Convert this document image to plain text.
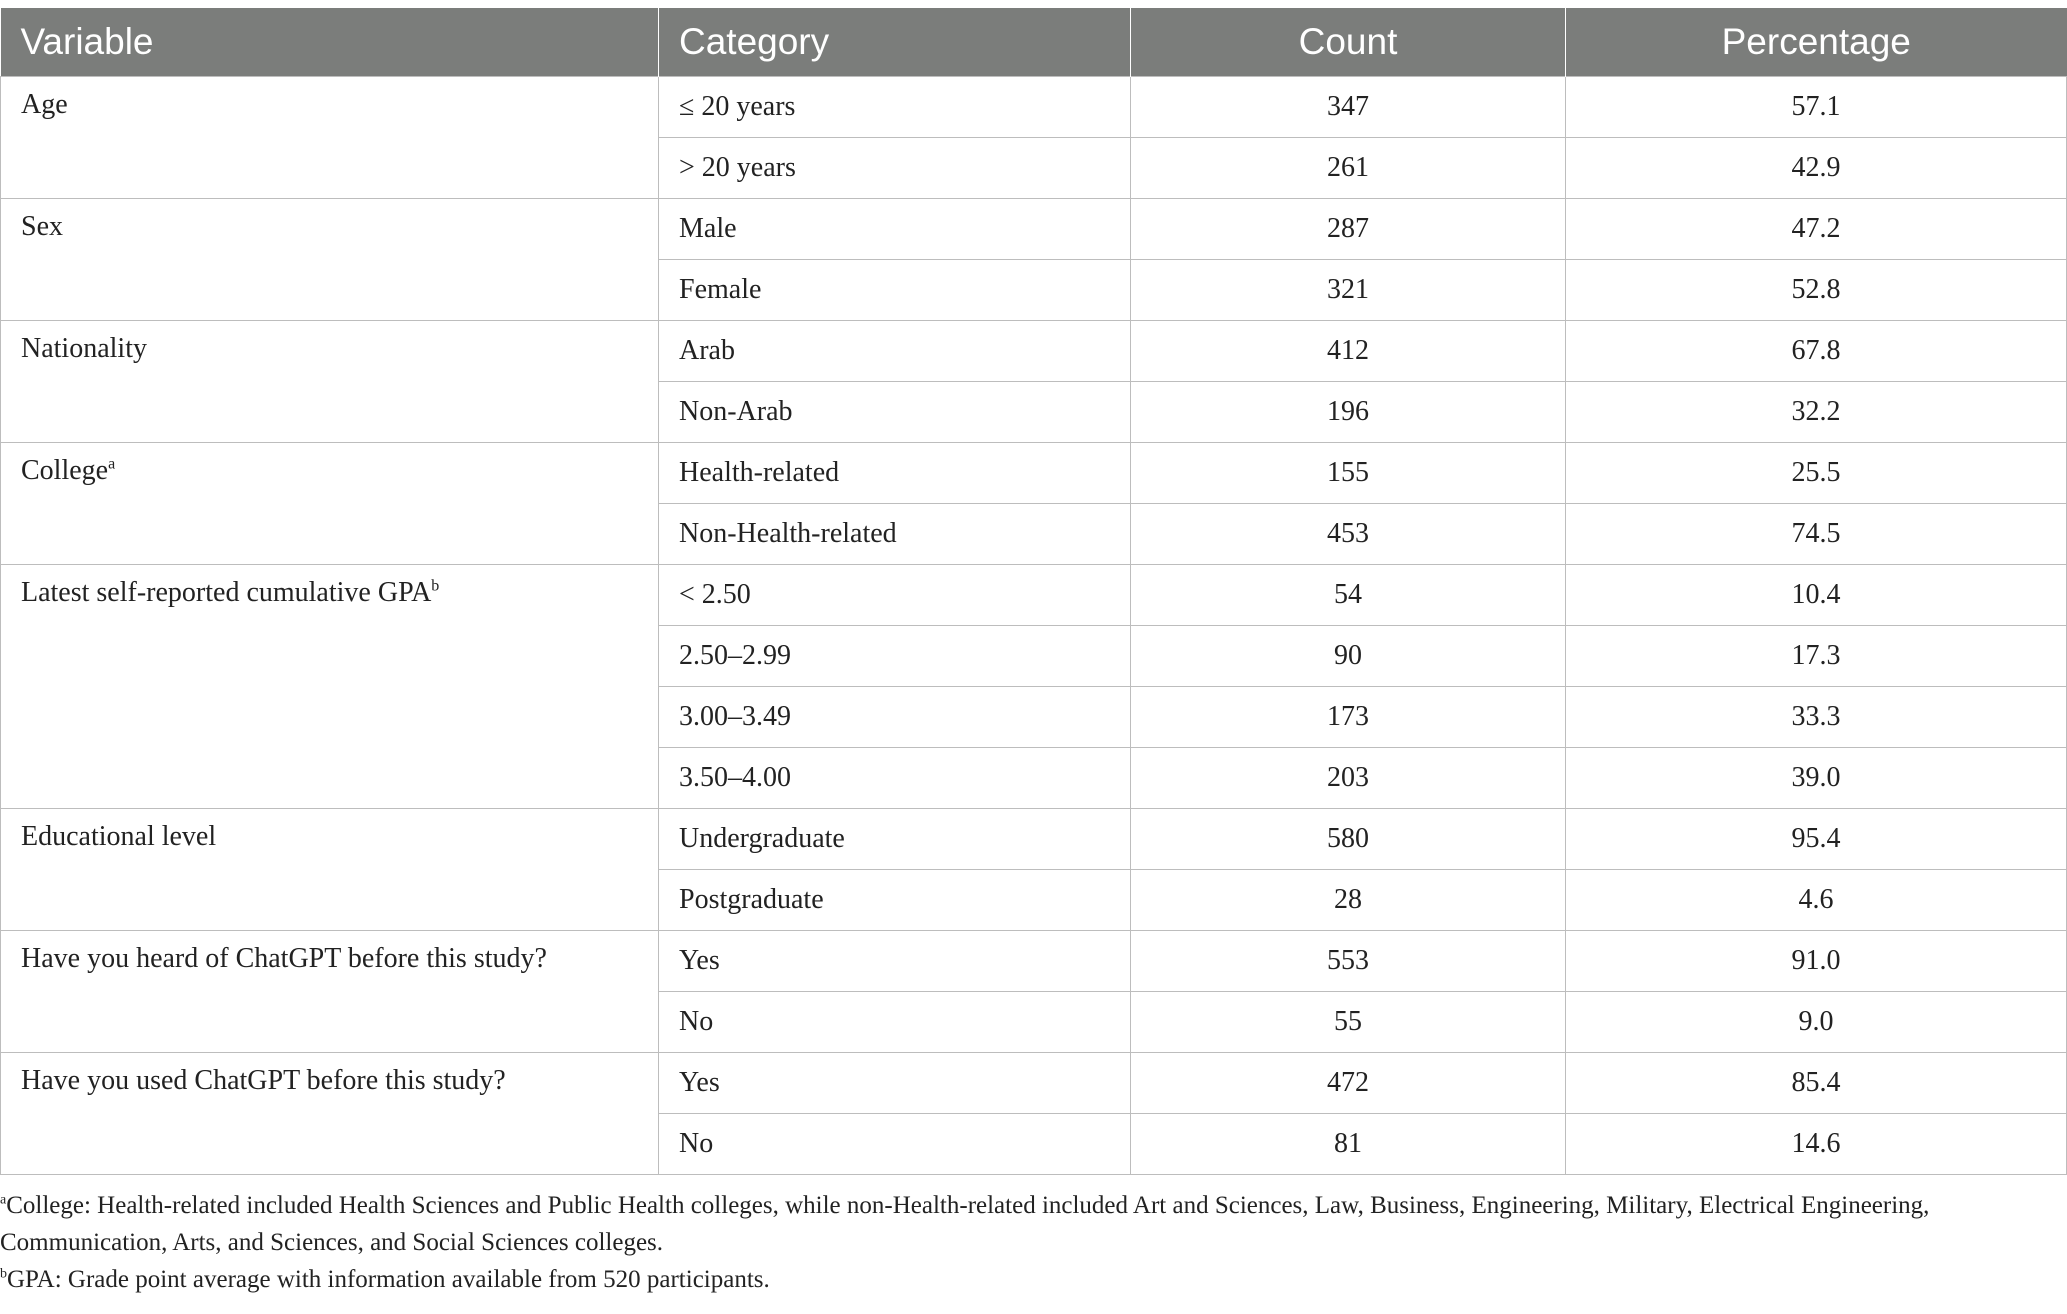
Variable	Category	Count	Percentage
Age	≤ 20 years	347	57.1
	> 20 years	261	42.9
Sex	Male	287	47.2
	Female	321	52.8
Nationality	Arab	412	67.8
	Non-Arab	196	32.2
College$^a$	Health-related	155	25.5
	Non-Health-related	453	74.5
Latest self-reported cumulative $GPA^b$	< 2.50	54	10.4
	2.50–2.99	90	17.3
	3.00–3.49	173	33.3
	3.50–4.00	203	39.0
Educational level	Undergraduate	580	95.4
	Postgraduate	28	4.6
Have you heard of ChatGPT before this study?	Yes	553	91.0
	No	55	9.0
Have you used ChatGPT before this study?	Yes	472	85.4
	No	81	14.6
$^a$College: Health-related included Health Sciences and Public Health colleges, while non-Health-related included Art and Sciences, Law, Business, Engineering, Military, Electrical Engineering, Communication, Arts, and Sciences, and Social Sciences colleges.
$^b$GPA: Grade point average with information available from 520 participants.
